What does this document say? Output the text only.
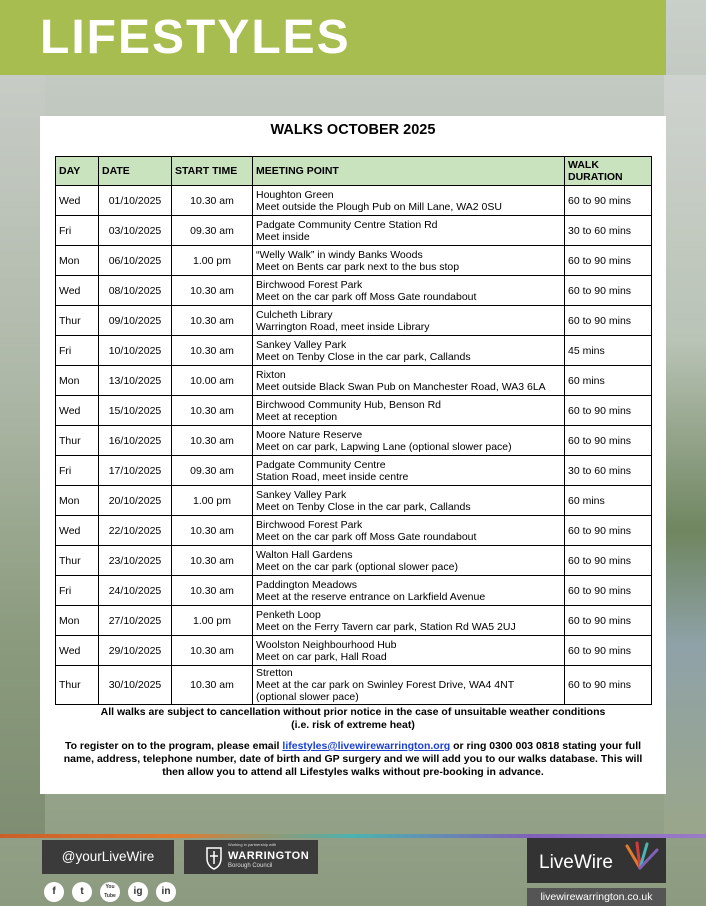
LIFESTYLES
WALKS OCTOBER 2025
DAY	DATE	START TIME	MEETING POINT	WALK
DURATION
Wed	01/10/2025	10.30 am	Houghton Green
Meet outside the Plough Pub on Mill Lane, WA2 0SU	60 to 90 mins
Fri	03/10/2025	09.30 am	Padgate Community Centre Station Rd
Meet inside	30 to 60 mins
Mon	06/10/2025	1.00 pm	“Welly Walk” in windy Banks Woods
Meet on Bents car park next to the bus stop	60 to 90 mins
Wed	08/10/2025	10.30 am	Birchwood Forest Park
Meet on the car park off Moss Gate roundabout	60 to 90 mins
Thur	09/10/2025	10.30 am	Culcheth Library
Warrington Road, meet inside Library	60 to 90 mins
Fri	10/10/2025	10.30 am	Sankey Valley Park
Meet on Tenby Close in the car park, Callands	45 mins
Mon	13/10/2025	10.00 am	Rixton
Meet outside Black Swan Pub on Manchester Road, WA3 6LA	60 mins
Wed	15/10/2025	10.30 am	Birchwood Community Hub, Benson Rd
Meet at reception	60 to 90 mins
Thur	16/10/2025	10.30 am	Moore Nature Reserve
Meet on car park, Lapwing Lane (optional slower pace)	60 to 90 mins
Fri	17/10/2025	09.30 am	Padgate Community Centre
Station Road, meet inside centre	30 to 60 mins
Mon	20/10/2025	1.00 pm	Sankey Valley Park
Meet on Tenby Close in the car park, Callands	60 mins
Wed	22/10/2025	10.30 am	Birchwood Forest Park
Meet on the car park off Moss Gate roundabout	60 to 90 mins
Thur	23/10/2025	10.30 am	Walton Hall Gardens
Meet on the car park (optional slower pace)	60 to 90 mins
Fri	24/10/2025	10.30 am	Paddington Meadows
Meet at the reserve entrance on Larkfield Avenue	60 to 90 mins
Mon	27/10/2025	1.00 pm	Penketh Loop
Meet on the Ferry Tavern car park, Station Rd WA5 2UJ	60 to 90 mins
Wed	29/10/2025	10.30 am	Woolston Neighbourhood Hub
Meet on car park, Hall Road	60 to 90 mins
Thur	30/10/2025	10.30 am	Stretton
Meet at the car park on Swinley Forest Drive, WA4 4NT
(optional slower pace)	60 to 90 mins
All walks are subject to cancellation without prior notice in the case of unsuitable weather conditions
(i.e. risk of extreme heat)
To register on to the program, please email lifestyles@livewirewarrington.org or ring 0300 003 0818 stating your full name, address, telephone number, date of birth and GP surgery and we will add you to our walks database. This will then allow you to attend all Lifestyles walks without pre-booking in advance.
@yourLiveWire
Working in partnership with
WARRINGTON
Borough Council
f	t	You Tube	ig	in
LiveWire
livewirewarrington.co.uk
